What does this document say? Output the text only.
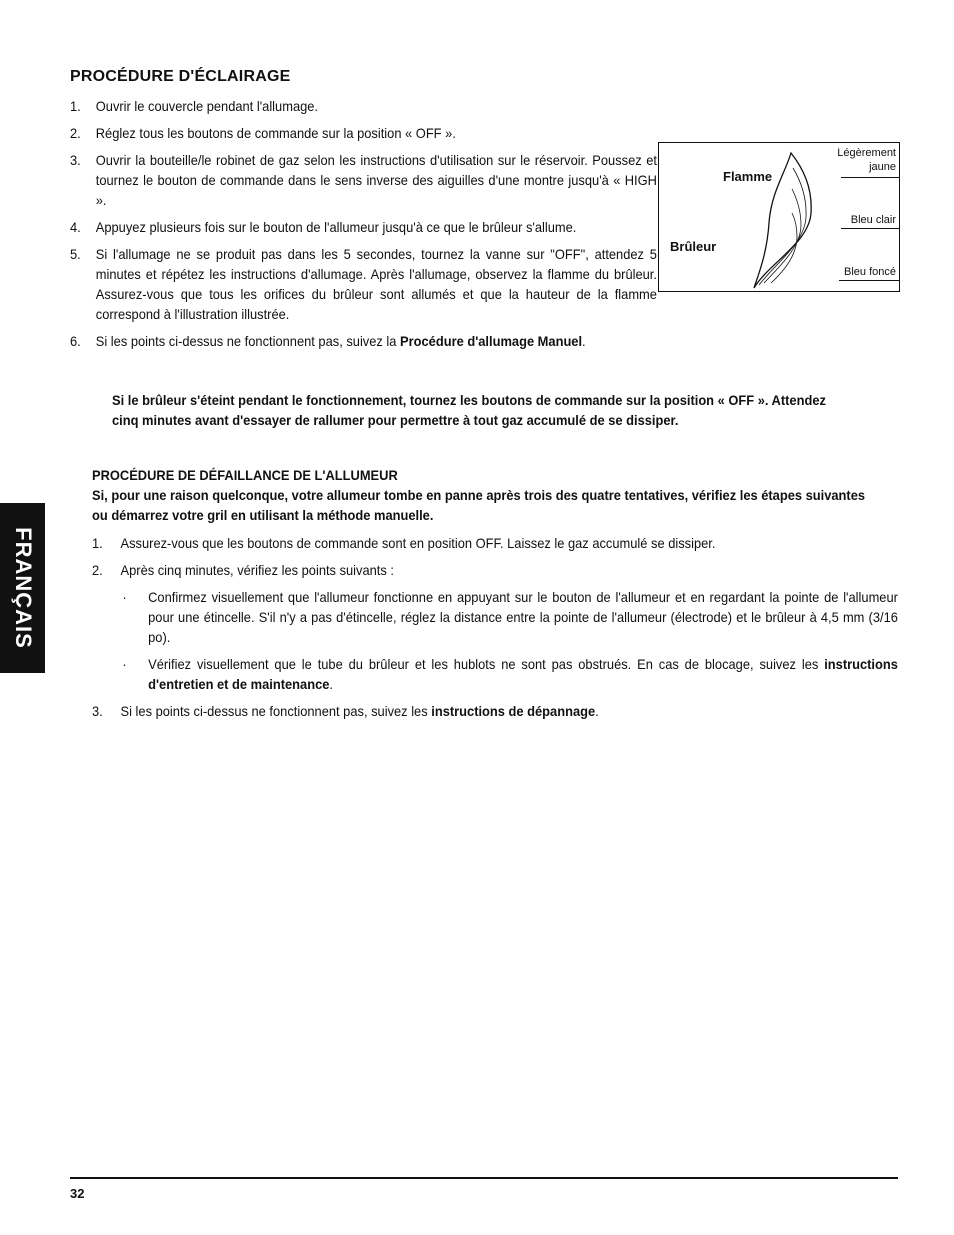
PROCÉDURE D'ÉCLAIRAGE
1.	Ouvrir le couvercle pendant l'allumage.
2.	Réglez tous les boutons de commande sur la position « OFF ».
3.	Ouvrir la bouteille/le robinet de gaz selon les instructions d'utilisation sur le réservoir. Poussez et tournez le bouton de commande dans le sens inverse des aiguilles d'une montre jusqu'à « HIGH ».
4.	Appuyez plusieurs fois sur le bouton de l'allumeur jusqu'à ce que le brûleur s'allume.
5.	Si l'allumage ne se produit pas dans les 5 secondes, tournez la vanne sur "OFF", attendez 5 minutes et répétez les instructions d'allumage. Après l'allumage, observez la flamme du brûleur. Assurez-vous que tous les orifices du brûleur sont allumés et que la hauteur de la flamme correspond à l'illustration illustrée.
6.	Si les points ci-dessus ne fonctionnent pas, suivez la Procédure d'allumage Manuel.
Flamme
Brûleur
Légèrement
jaune
Bleu clair
Bleu foncé
Si le brûleur s'éteint pendant le fonctionnement, tournez les boutons de commande sur la position « OFF ». Attendez cinq minutes avant d'essayer de rallumer pour permettre à tout gaz accumulé de se dissiper.
PROCÉDURE DE DÉFAILLANCE DE L'ALLUMEUR
Si, pour une raison quelconque, votre allumeur tombe en panne après trois des quatre tentatives, vérifiez les étapes suivantes ou démarrez votre gril en utilisant la méthode manuelle.
1. Assurez-vous que les boutons de commande sont en position OFF. Laissez le gaz accumulé se dissiper.
2. Après cinq minutes, vérifiez les points suivants :
· Confirmez visuellement que l'allumeur fonctionne en appuyant sur le bouton de l'allumeur et en regardant la pointe de l'allumeur pour une étincelle. S'il n'y a pas d'étincelle, réglez la distance entre la pointe de l'allumeur (électrode) et le brûleur à 4,5 mm (3/16 po).
· Vérifiez visuellement que le tube du brûleur et les hublots ne sont pas obstrués. En cas de blocage, suivez les instructions d'entretien et de maintenance.
3. Si les points ci-dessus ne fonctionnent pas, suivez les instructions de dépannage.
FRANÇAIS
32
